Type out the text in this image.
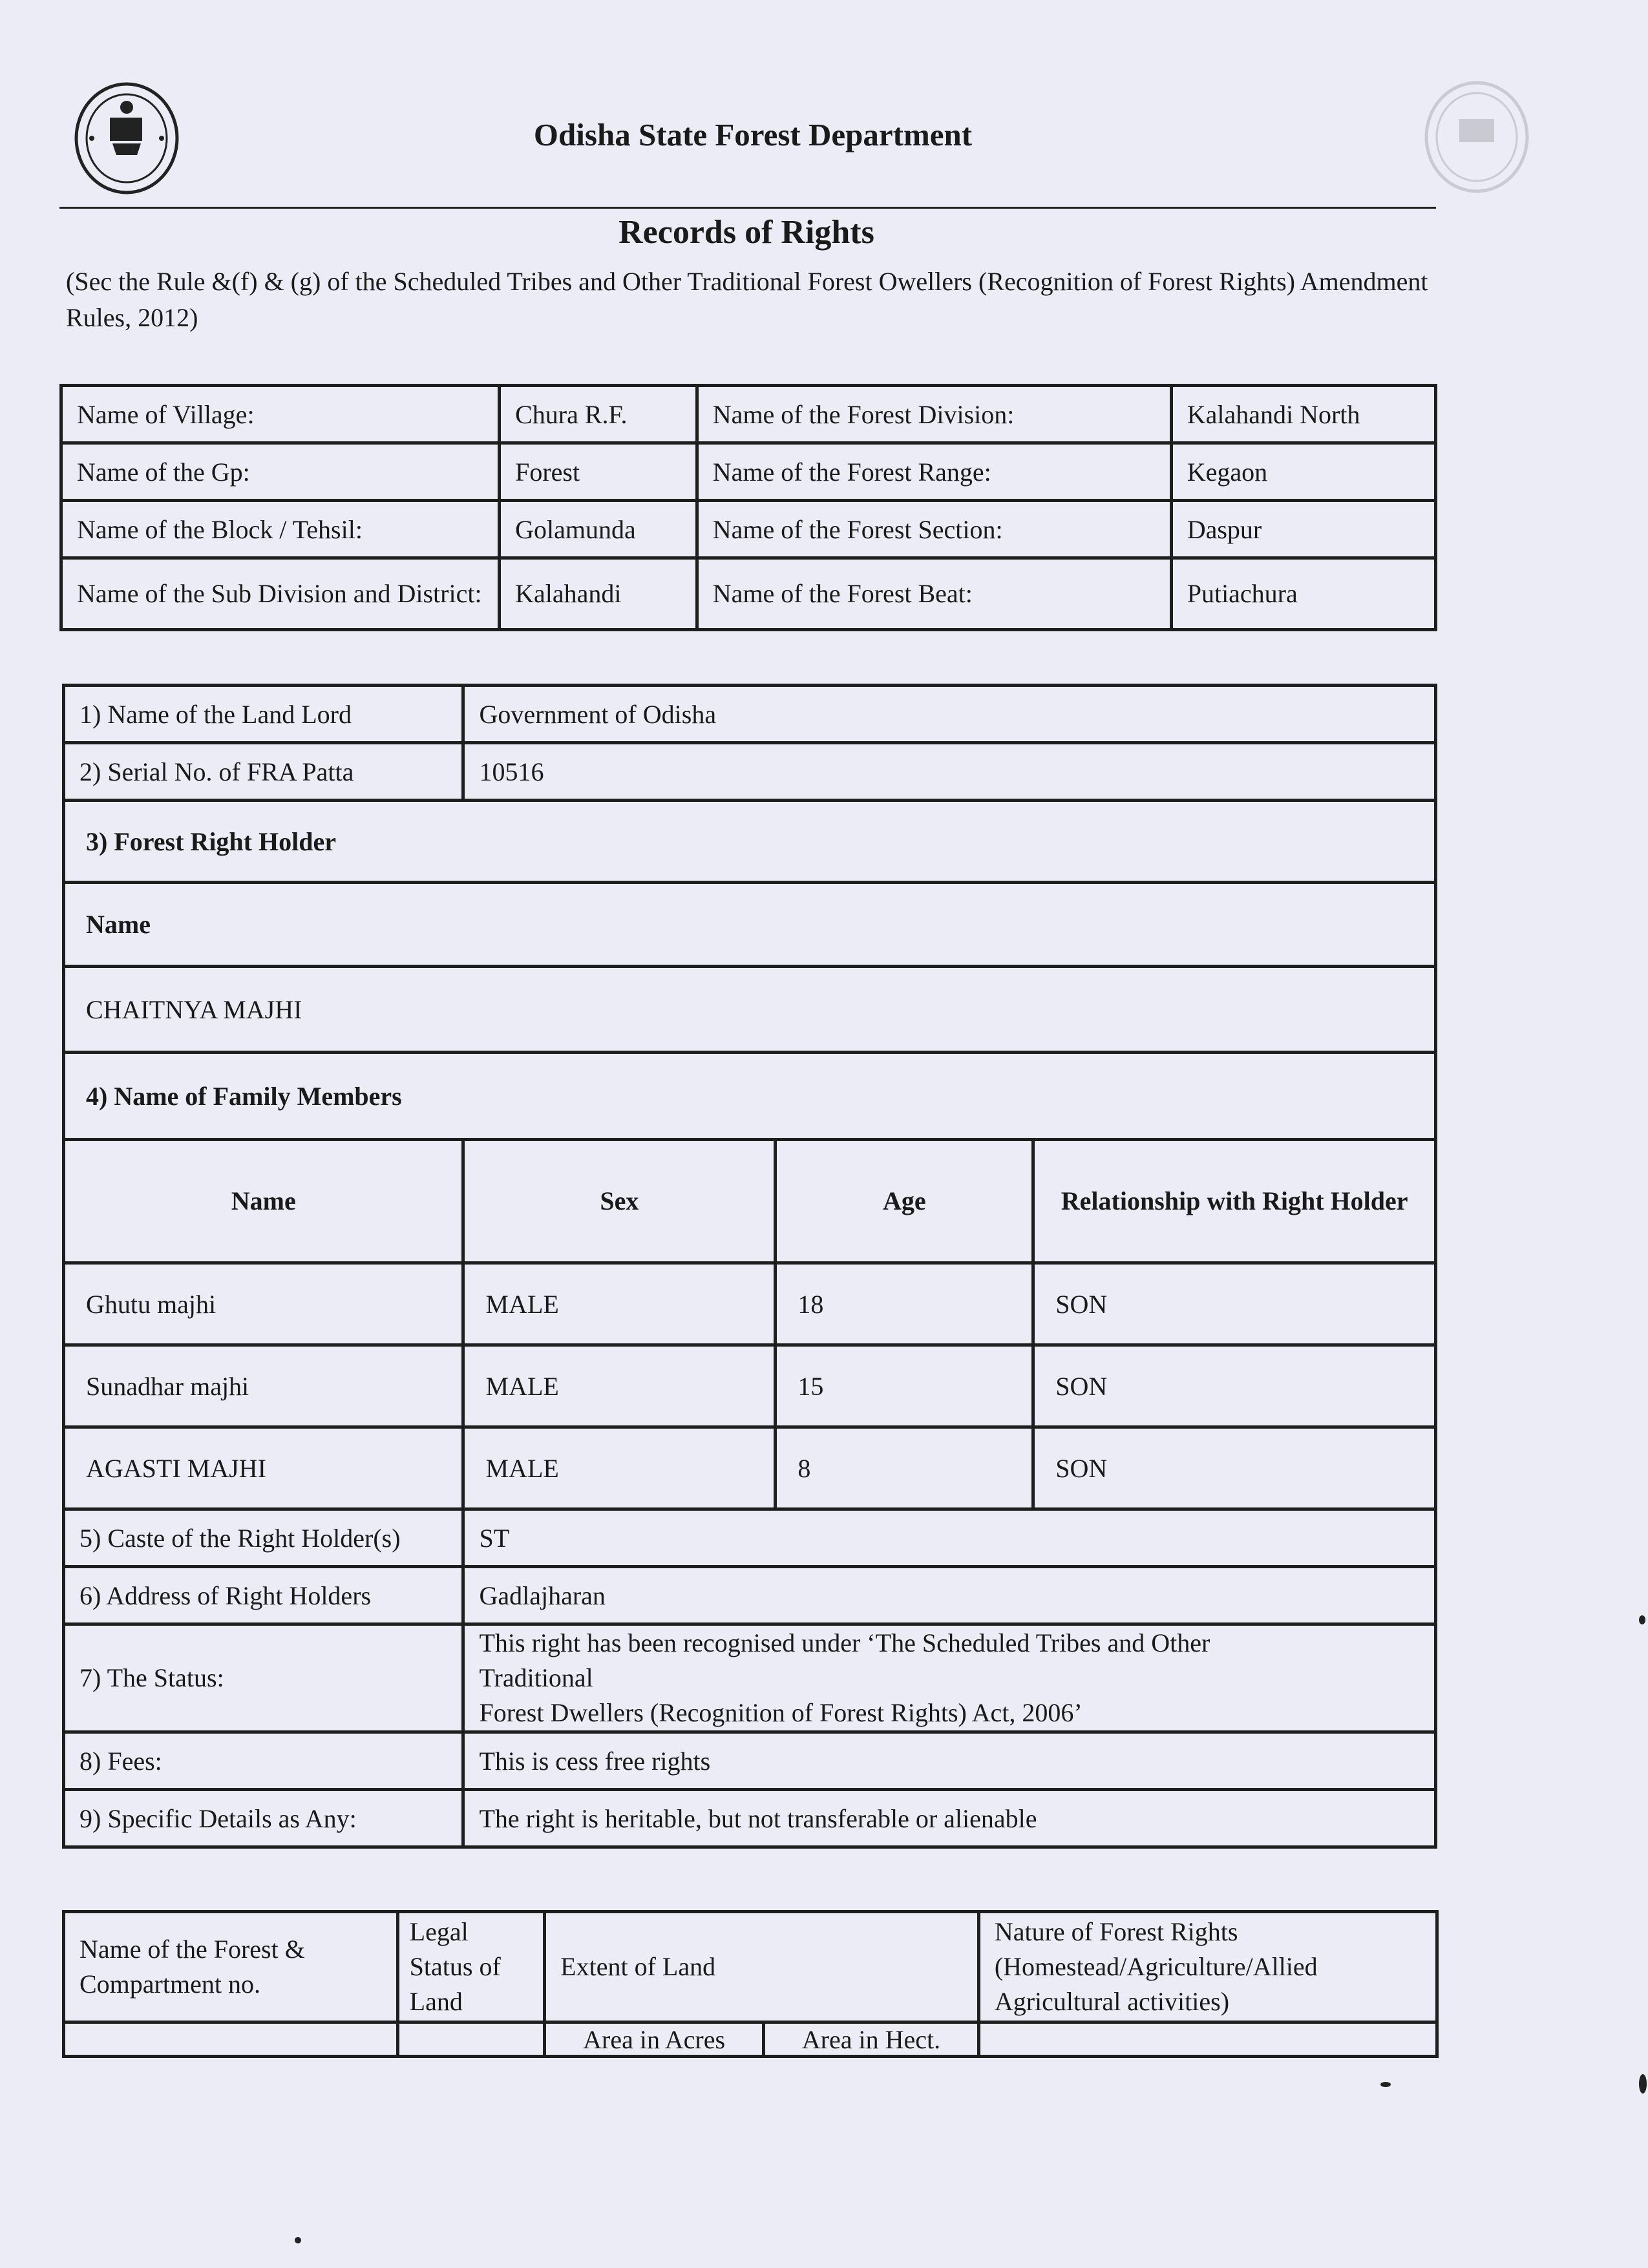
Odisha State Forest Department
Records of Rights
(Sec the Rule &(f) & (g) of the Scheduled Tribes and Other Traditional Forest Owellers (Recognition of Forest Rights) Amendment Rules, 2012)
Name of Village:	Chura R.F.	Name of the Forest Division:	Kalahandi North
Name of the Gp:	Forest	Name of the Forest Range:	Kegaon
Name of the Block / Tehsil:	Golamunda	Name of the Forest Section:	Daspur
Name of the Sub Division and District:	Kalahandi	Name of the Forest Beat:	Putiachura
1) Name of the Land Lord	Government of Odisha		
2) Serial No. of FRA Patta	10516		
3) Forest Right Holder			
Name			
CHAITNYA MAJHI			
4) Name of Family Members			
Name	Sex	Age	Relationship with Right Holder
Ghutu majhi	MALE	18	SON
Sunadhar majhi	MALE	15	SON
AGASTI MAJHI	MALE	8	SON
5) Caste of the Right Holder(s)	ST		
6) Address of Right Holders	Gadlajharan		
7) The Status:	This right has been recognised under ‘The Scheduled Tribes and Other
Traditional
Forest Dwellers (Recognition of Forest Rights) Act, 2006’		

8) Fees:	This is cess free rights		
9) Specific Details as Any:	The right is heritable, but not transferable or alienable		
Name of the Forest & Compartment no.	Legal Status of Land	Extent of Land		Nature of Forest Rights (Homestead/Agriculture/Allied Agricultural activities)
		Area in Acres	Area in Hect.	
